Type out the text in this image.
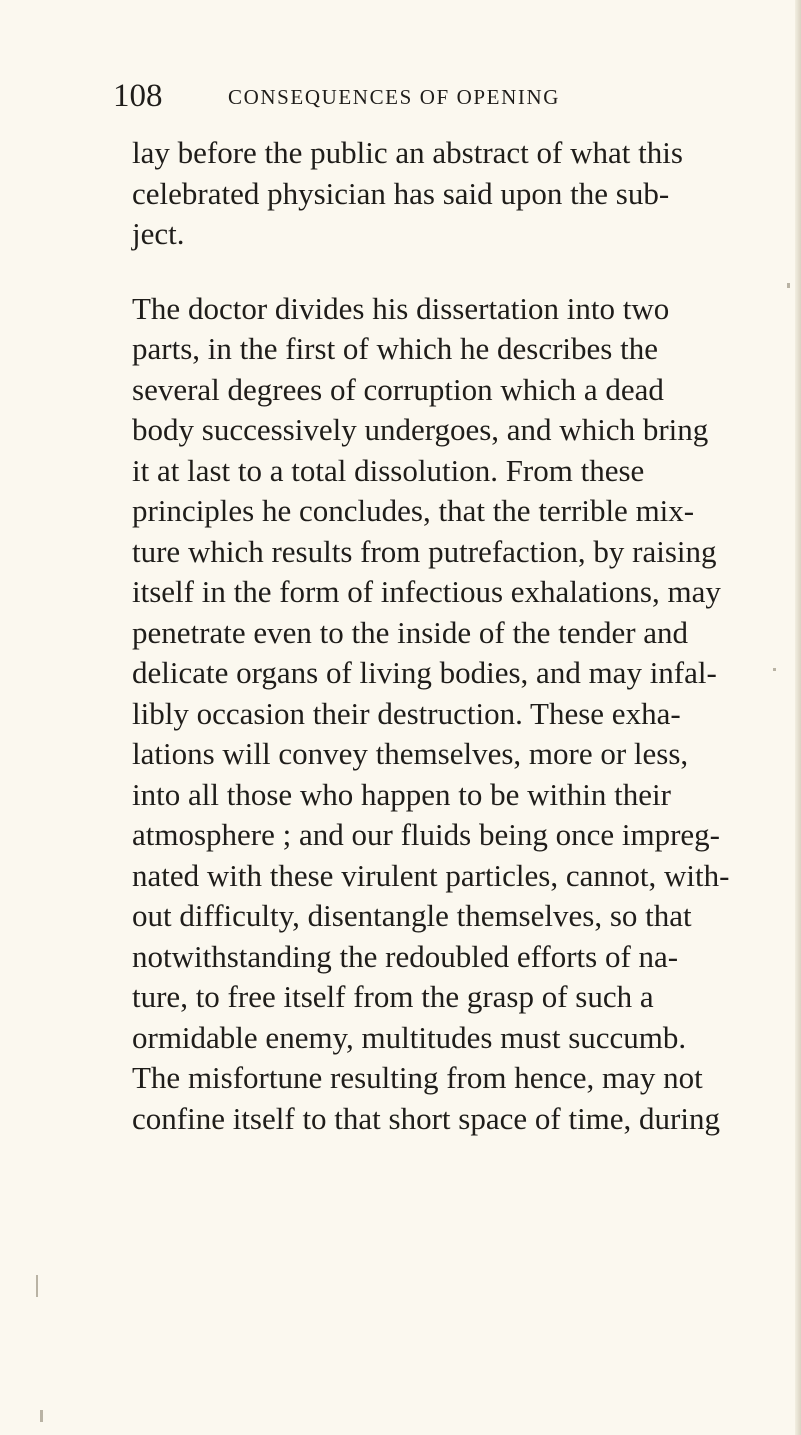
108	CONSEQUENCES OF OPENING
lay before the public an abstract of what this
celebrated physician has said upon the sub-
ject.
The doctor divides his dissertation into two
parts, in the first of which he describes the
several degrees of corruption which a dead
body successively undergoes, and which bring
it at last to a total dissolution. From these
principles he concludes, that the terrible mix-
ture which results from putrefaction, by raising
itself in the form of infectious exhalations, may
penetrate even to the inside of the tender and
delicate organs of living bodies, and may infal-
libly occasion their destruction. These exha-
lations will convey themselves, more or less,
into all those who happen to be within their
atmosphere ; and our fluids being once impreg-
nated with these virulent particles, cannot, with-
out difficulty, disentangle themselves, so that
notwithstanding the redoubled efforts of na-
ture, to free itself from the grasp of such a
ormidable enemy, multitudes must succumb.
The misfortune resulting from hence, may not
confine itself to that short space of time, during
